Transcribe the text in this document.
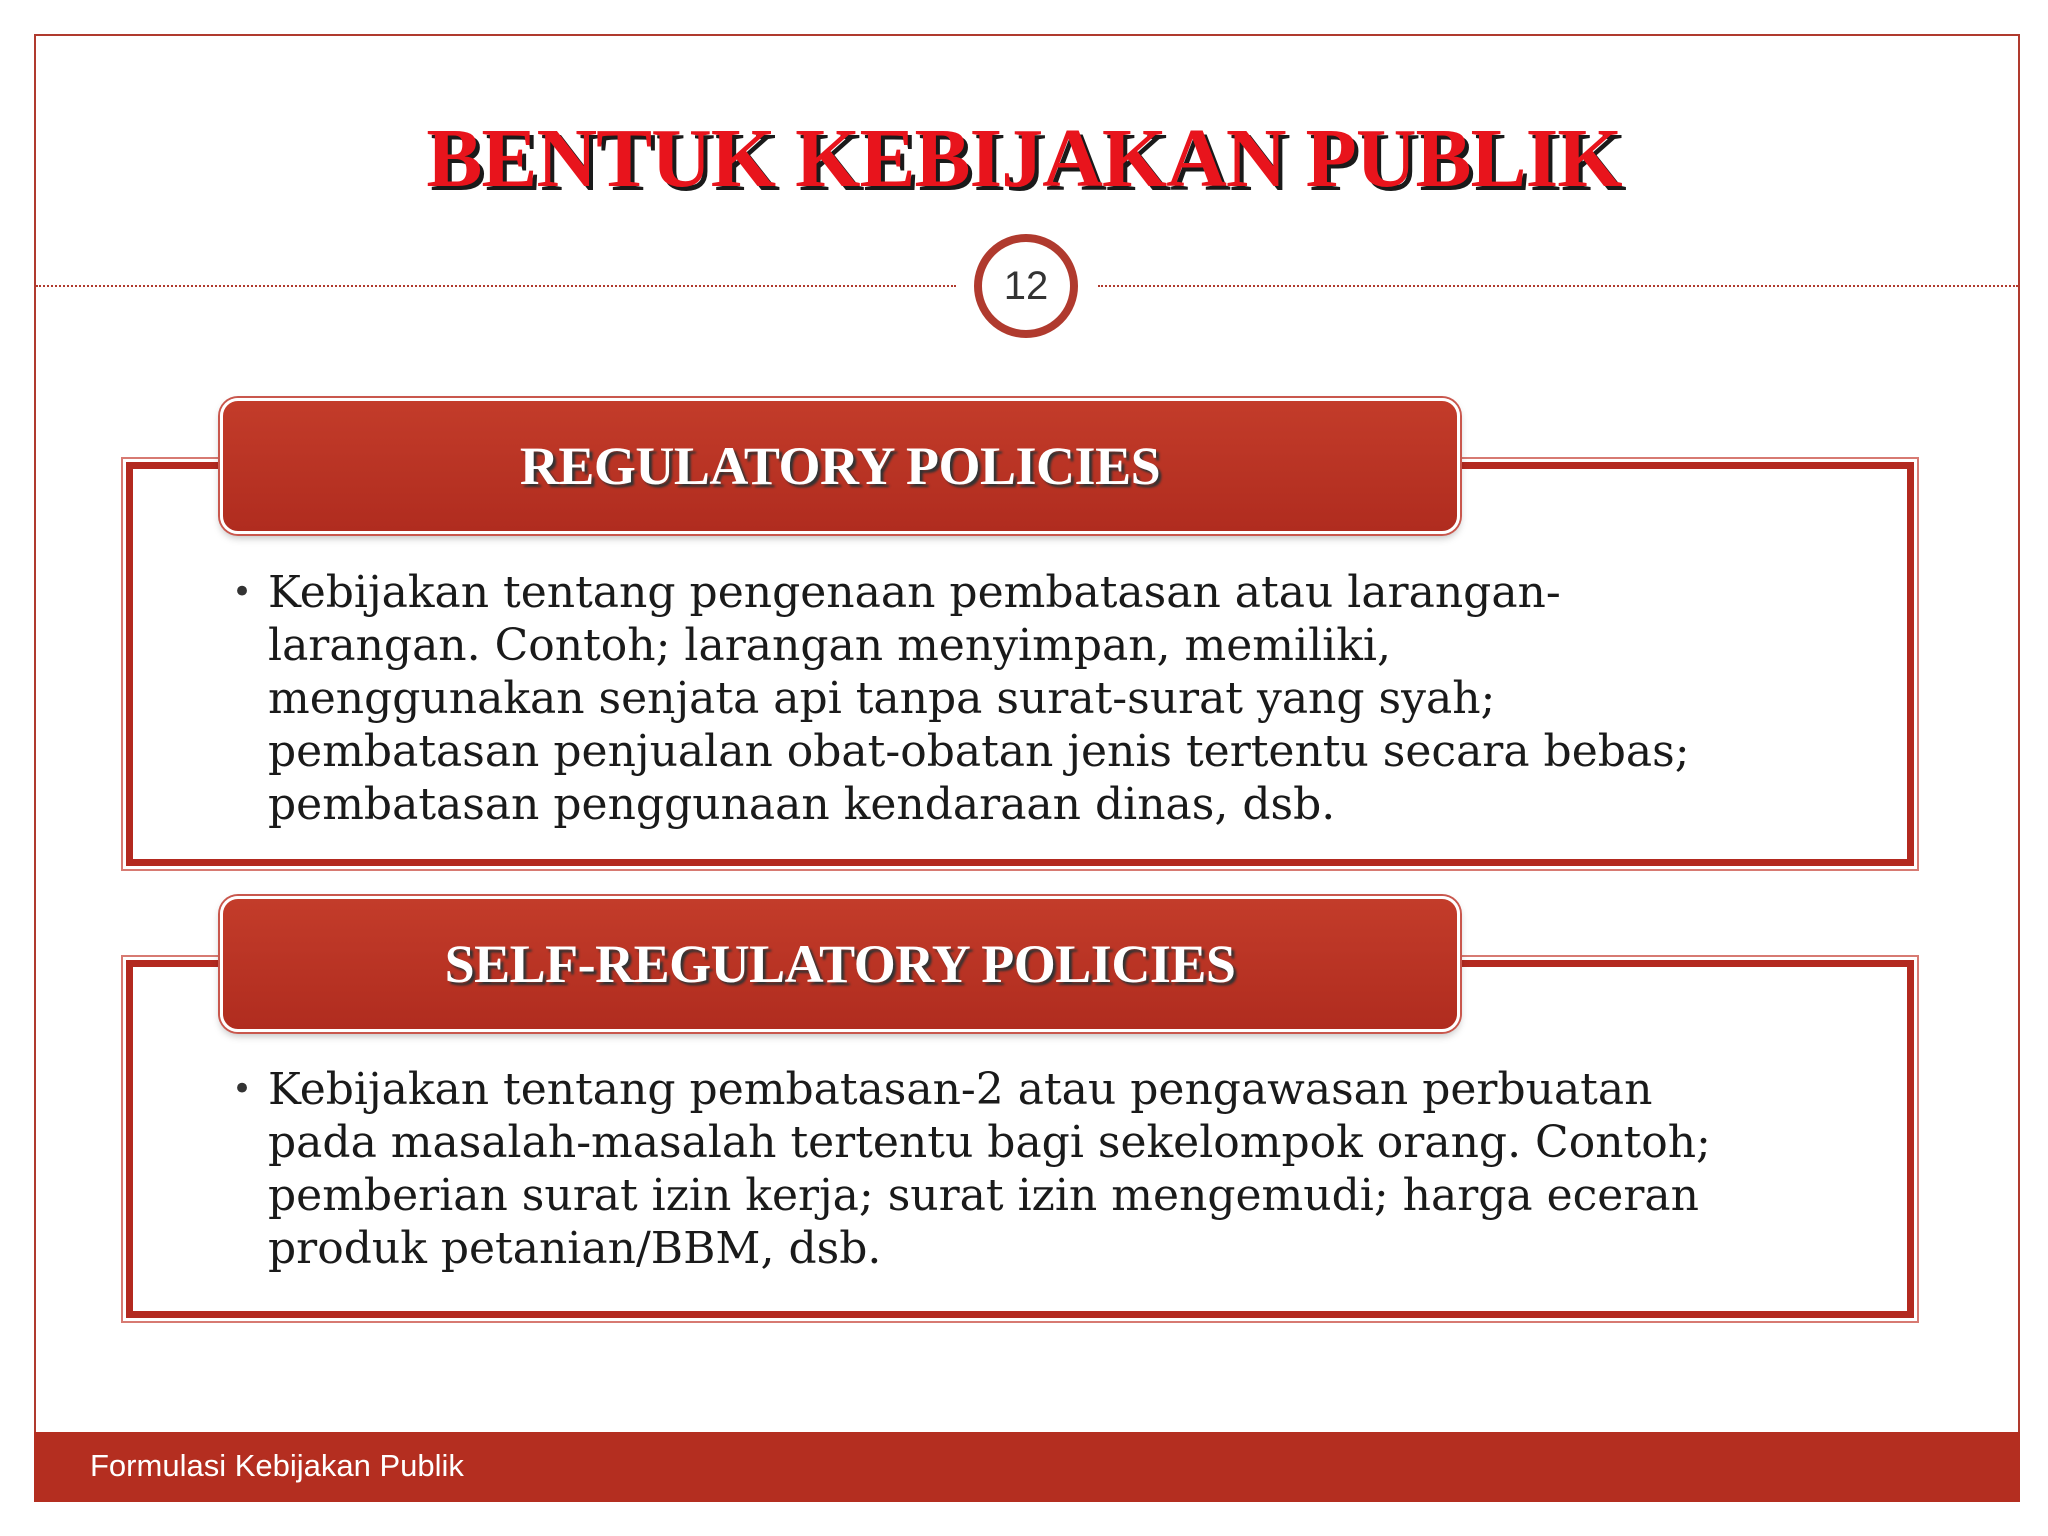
BENTUK KEBIJAKAN PUBLIK
12
REGULATORY POLICIES
• Kebijakan tentang pengenaan pembatasan atau larangan-
larangan. Contoh; larangan menyimpan, memiliki,
menggunakan senjata api tanpa surat-surat yang syah;
pembatasan penjualan obat-obatan jenis tertentu secara bebas;
pembatasan penggunaan kendaraan dinas, dsb.
SELF-REGULATORY POLICIES
• Kebijakan tentang pembatasan-2 atau pengawasan perbuatan
pada masalah-masalah tertentu bagi sekelompok orang. Contoh;
pemberian surat izin kerja; surat izin mengemudi; harga eceran
produk petanian/BBM, dsb.
Formulasi Kebijakan Publik
